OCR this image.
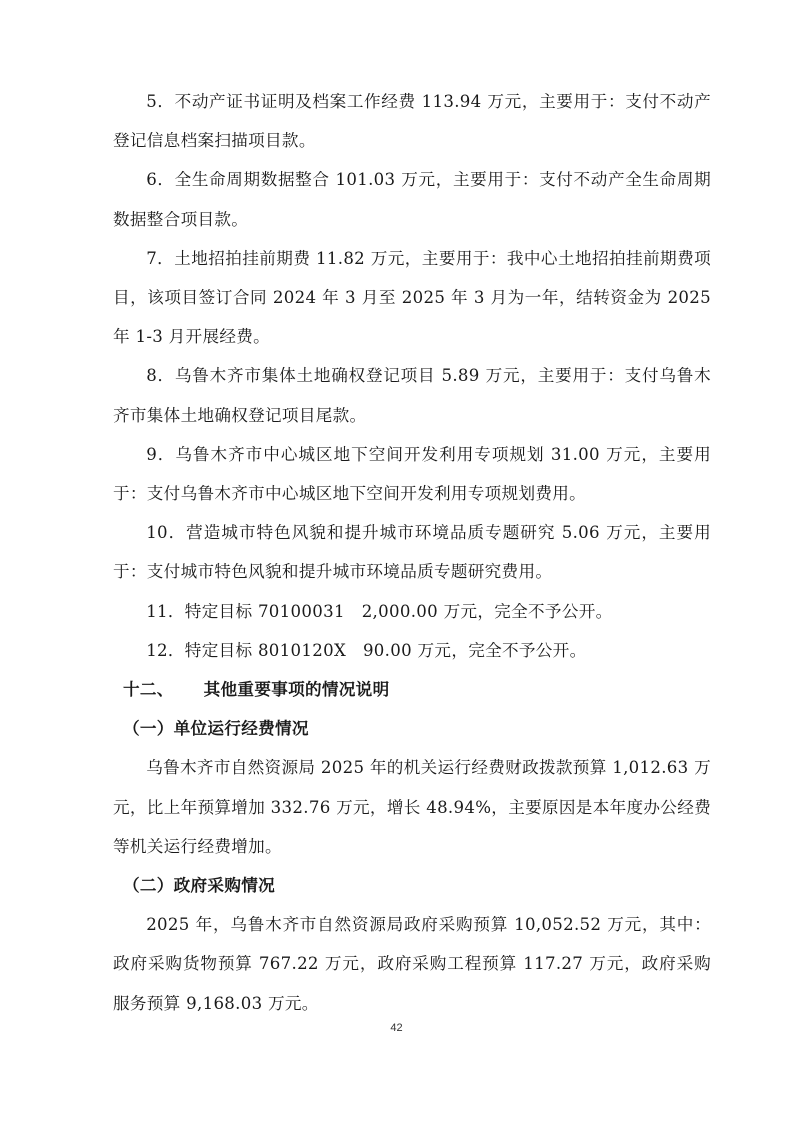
5．不动产证书证明及档案工作经费 113.94 万元，主要用于：支付不动产登记信息档案扫描项目款。

6．全生命周期数据整合 101.03 万元，主要用于：支付不动产全生命周期数据整合项目款。

7．土地招拍挂前期费 11.82 万元，主要用于：我中心土地招拍挂前期费项目，该项目签订合同 2024 年 3 月至 2025 年 3 月为一年，结转资金为 2025 年 1-3 月开展经费。

8．乌鲁木齐市集体土地确权登记项目 5.89 万元，主要用于：支付乌鲁木齐市集体土地确权登记项目尾款。

9．乌鲁木齐市中心城区地下空间开发利用专项规划 31.00 万元，主要用于：支付乌鲁木齐市中心城区地下空间开发利用专项规划费用。

10．营造城市特色风貌和提升城市环境品质专题研究 5.06 万元，主要用于：支付城市特色风貌和提升城市环境品质专题研究费用。

11．特定目标 70100031　2,000.00 万元，完全不予公开。

12．特定目标 8010120X　90.00 万元，完全不予公开。

十二、 其他重要事项的情况说明

（一）单位运行经费情况

乌鲁木齐市自然资源局 2025 年的机关运行经费财政拨款预算 1,012.63 万元，比上年预算增加 332.76 万元，增长 48.94%，主要原因是本年度办公经费等机关运行经费增加。

（二）政府采购情况

2025 年，乌鲁木齐市自然资源局政府采购预算 10,052.52 万元，其中：政府采购货物预算 767.22 万元，政府采购工程预算 117.27 万元，政府采购服务预算 9,168.03 万元。

42
